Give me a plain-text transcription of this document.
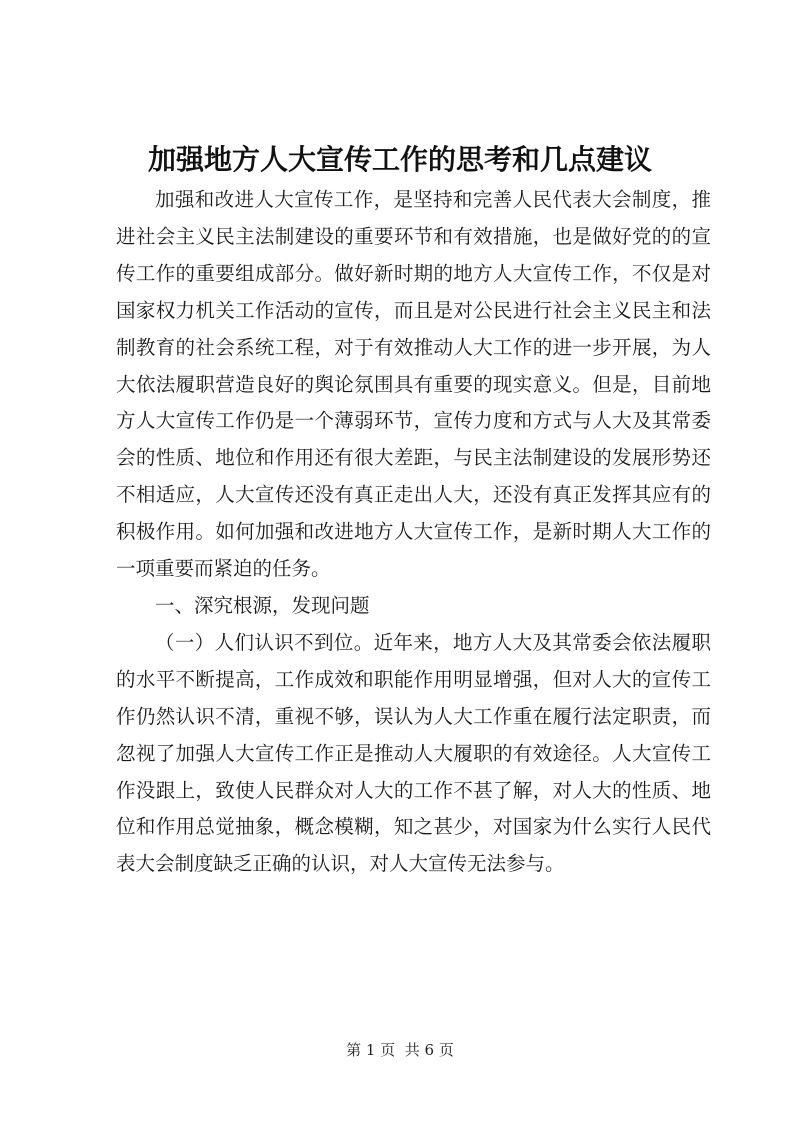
加强地方人大宣传工作的思考和几点建议

加强和改进人大宣传工作，是坚持和完善人民代表大会制度，推进社会主义民主法制建设的重要环节和有效措施，也是做好党的的宣传工作的重要组成部分。做好新时期的地方人大宣传工作，不仅是对国家权力机关工作活动的宣传，而且是对公民进行社会主义民主和法制教育的社会系统工程，对于有效推动人大工作的进一步开展，为人大依法履职营造良好的舆论氛围具有重要的现实意义。但是，目前地方人大宣传工作仍是一个薄弱环节，宣传力度和方式与人大及其常委会的性质、地位和作用还有很大差距，与民主法制建设的发展形势还不相适应，人大宣传还没有真正走出人大，还没有真正发挥其应有的积极作用。如何加强和改进地方人大宣传工作，是新时期人大工作的一项重要而紧迫的任务。

一、深究根源，发现问题

（一）人们认识不到位。近年来，地方人大及其常委会依法履职的水平不断提高，工作成效和职能作用明显增强，但对人大的宣传工作仍然认识不清，重视不够，误认为人大工作重在履行法定职责，而忽视了加强人大宣传工作正是推动人大履职的有效途径。人大宣传工作没跟上，致使人民群众对人大的工作不甚了解，对人大的性质、地位和作用总觉抽象，概念模糊，知之甚少，对国家为什么实行人民代表大会制度缺乏正确的认识，对人大宣传无法参与。

第 1 页 共 6 页
